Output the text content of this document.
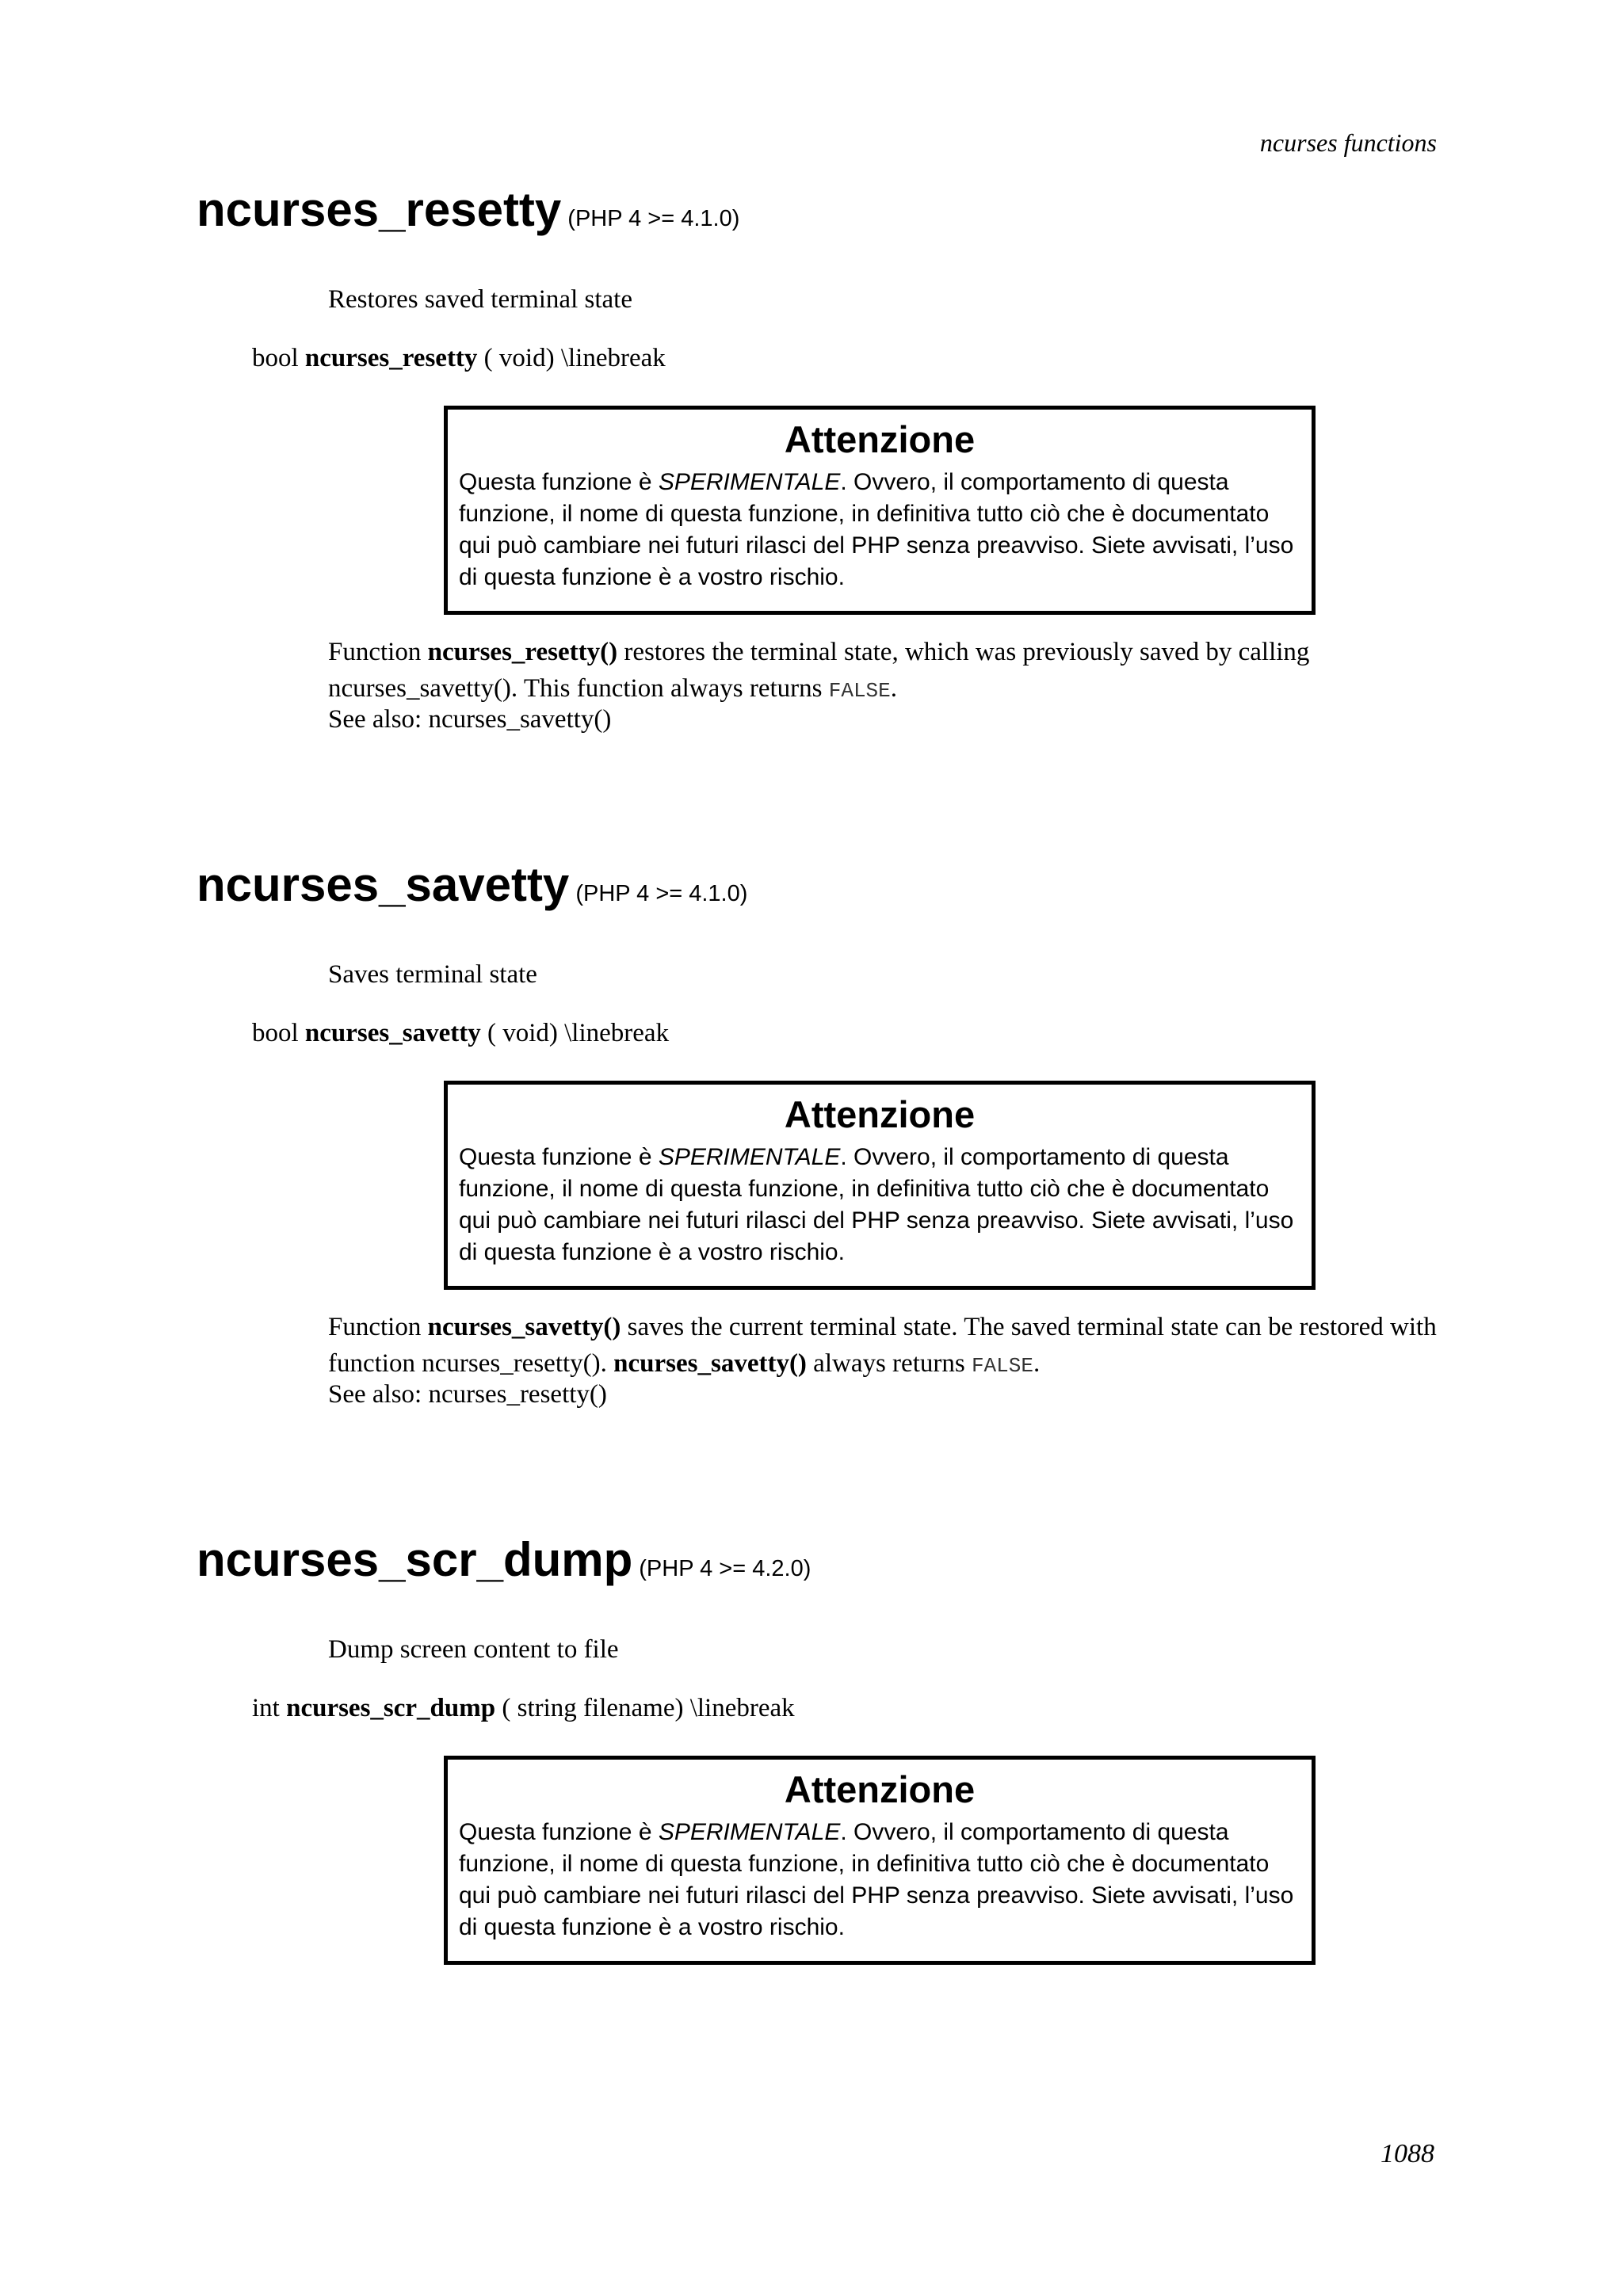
ncurses functions
ncurses_resetty (PHP 4 >= 4.1.0)
Restores saved terminal state
bool ncurses_resetty ( void) \linebreak
Attenzione
Questa funzione è SPERIMENTALE. Ovvero, il comportamento di questa funzione, il nome di questa funzione, in definitiva tutto ciò che è documentato qui può cambiare nei futuri rilasci del PHP senza preavviso. Siete avvisati, l’uso di questa funzione è a vostro rischio.
Function ncurses_resetty() restores the terminal state, which was previously saved by calling ncurses_savetty(). This function always returns FALSE.
See also: ncurses_savetty()
ncurses_savetty (PHP 4 >= 4.1.0)
Saves terminal state
bool ncurses_savetty ( void) \linebreak
Attenzione
Questa funzione è SPERIMENTALE. Ovvero, il comportamento di questa funzione, il nome di questa funzione, in definitiva tutto ciò che è documentato qui può cambiare nei futuri rilasci del PHP senza preavviso. Siete avvisati, l’uso di questa funzione è a vostro rischio.
Function ncurses_savetty() saves the current terminal state. The saved terminal state can be restored with function ncurses_resetty(). ncurses_savetty() always returns FALSE.
See also: ncurses_resetty()
ncurses_scr_dump (PHP 4 >= 4.2.0)
Dump screen content to file
int ncurses_scr_dump ( string filename) \linebreak
Attenzione
Questa funzione è SPERIMENTALE. Ovvero, il comportamento di questa funzione, il nome di questa funzione, in definitiva tutto ciò che è documentato qui può cambiare nei futuri rilasci del PHP senza preavviso. Siete avvisati, l’uso di questa funzione è a vostro rischio.
1088
